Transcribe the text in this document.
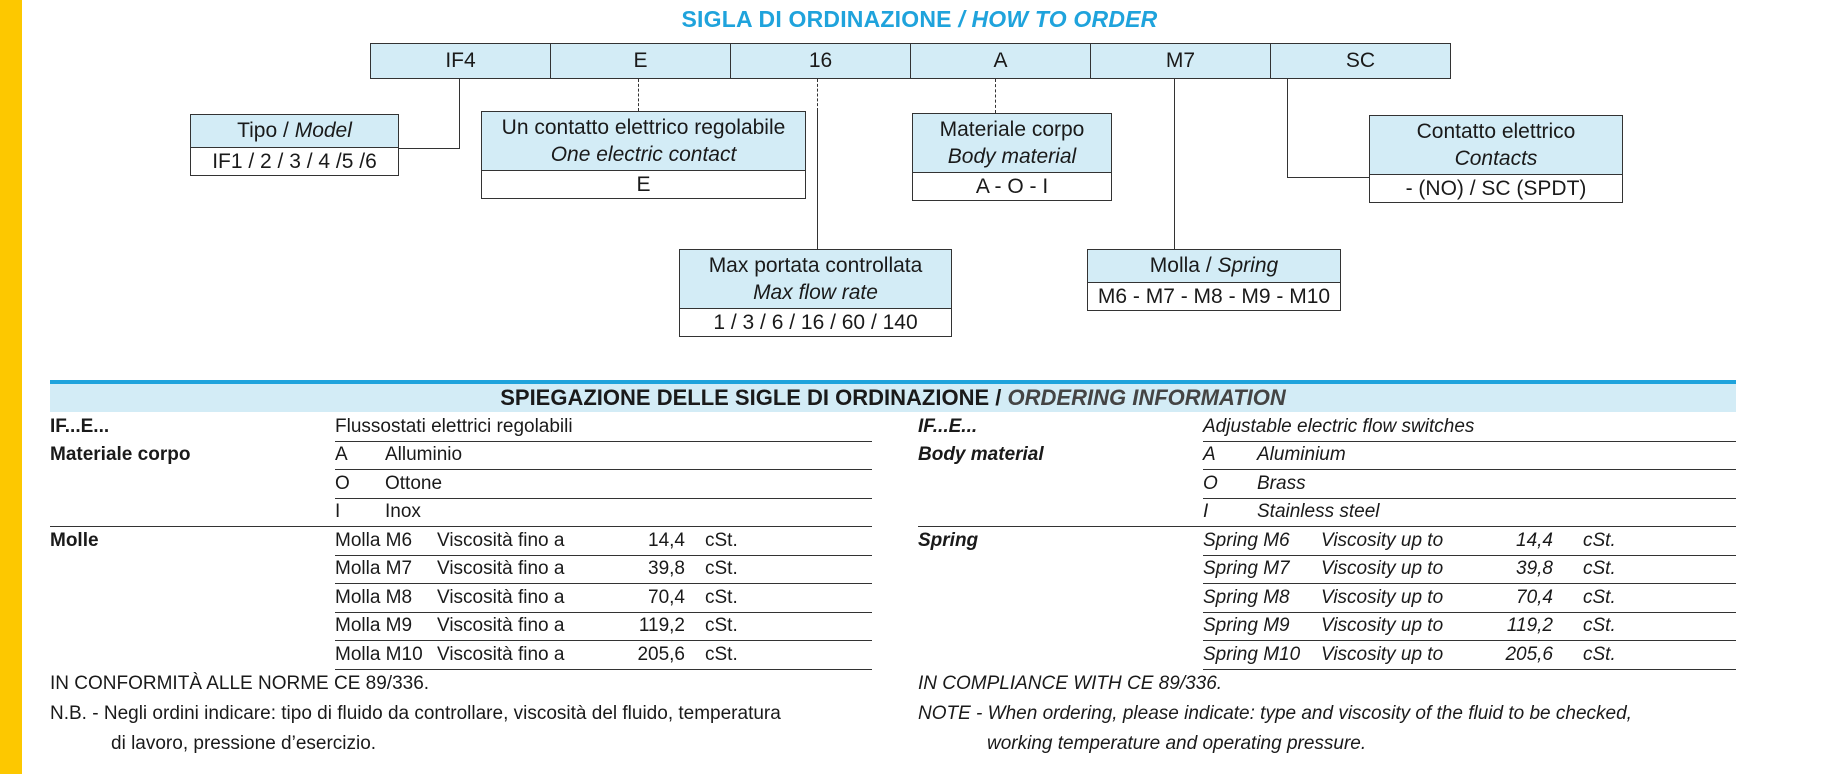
SIGLA DI ORDINAZIONE / HOW TO ORDER
IF4	E	16	A	M7	SC
Tipo / Model
IF1 / 2 / 3 / 4 /5 /6
Un contatto elettrico regolabile
One electric contact
E
Materiale corpo
Body material
A - O - I
Contatto elettrico
Contacts
- (NO) / SC (SPDT)
Max portata controllata
Max flow rate
1 / 3 / 6 / 16 / 60 / 140
Molla / Spring
M6 - M7 - M8 - M9 - M10
SPIEGAZIONE DELLE SIGLE DI ORDINAZIONE / ORDERING INFORMATION
IF...E...	Flussostati elettrici regolabili			
Materiale corpo	A Alluminio			
	O Ottone			
	I Inox			
Molle	Molla M6	Viscosità fino a	14,4	cSt.
	Molla M7	Viscosità fino a	39,8	cSt.
	Molla M8	Viscosità fino a	70,4	cSt.
	Molla M9	Viscosità fino a	119,2	cSt.
	Molla M10	Viscosità fino a	205,6	cSt.
IN CONFORMITÀ ALLE NORME CE 89/336.
N.B. - Negli ordini indicare: tipo di fluido da controllare, viscosità del fluido, temperatura
di lavoro, pressione d’esercizio.
IF...E...	Adjustable electric flow switches			
Body material	A Aluminium			
	O Brass			
	I Stainless steel			
Spring	Spring M6	Viscosity up to	14,4	cSt.
	Spring M7	Viscosity up to	39,8	cSt.
	Spring M8	Viscosity up to	70,4	cSt.
	Spring M9	Viscosity up to	119,2	cSt.
	Spring M10	Viscosity up to	205,6	cSt.
IN COMPLIANCE WITH CE 89/336.
NOTE - When ordering, please indicate: type and viscosity of the fluid to be checked,
working temperature and operating pressure.
